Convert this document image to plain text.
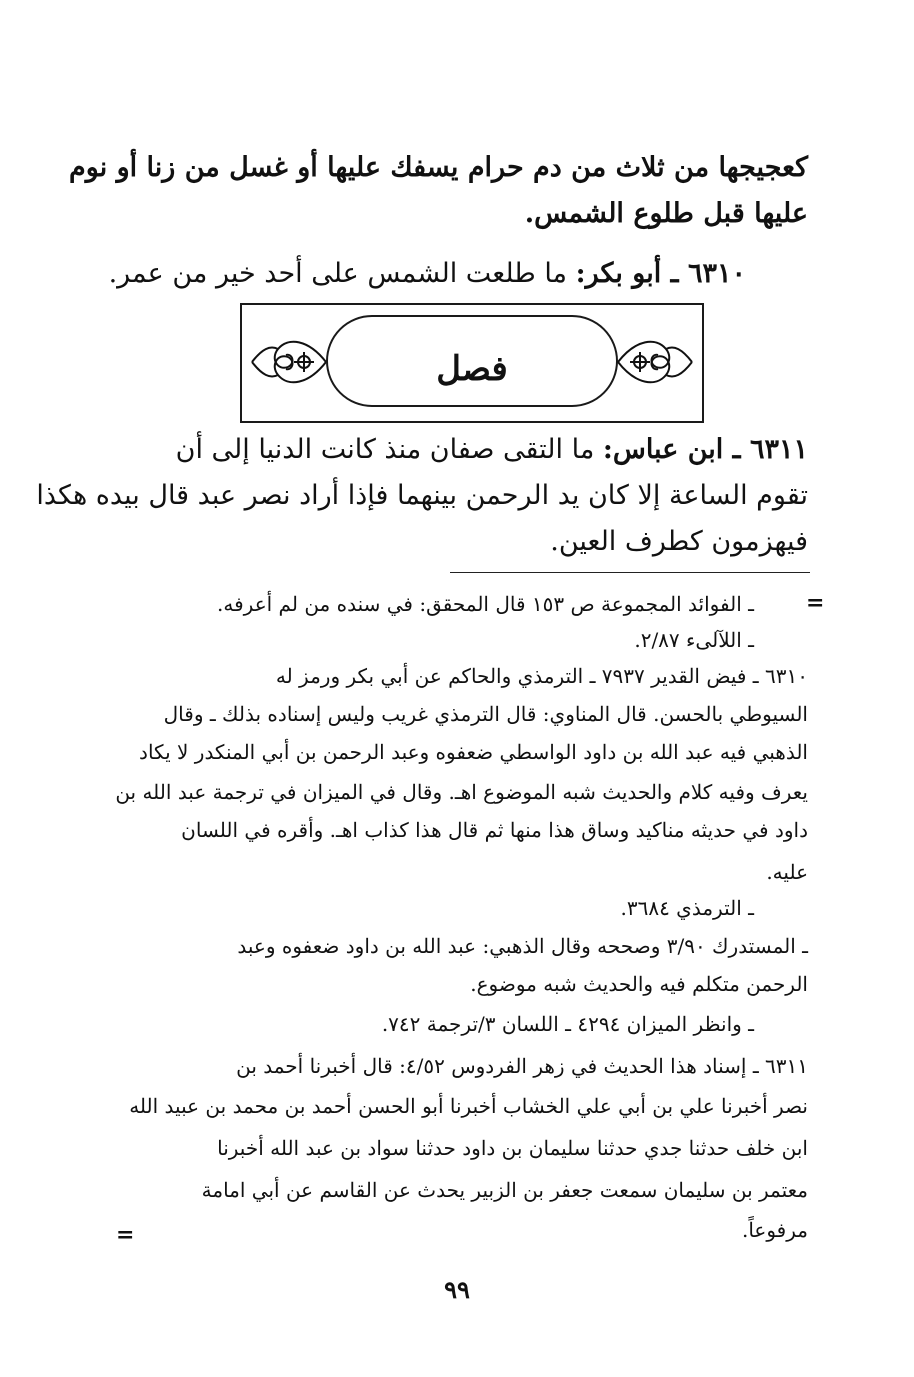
كعجيجها من ثلاث من دم حرام يسفك عليها أو غسل من زنا أو نوم
عليها قبل طلوع الشمس.
٦٣١٠ ـ أبو بكر: ما طلعت الشمس على أحد خير من عمر.
فصل
٦٣١١ ـ ابن عباس: ما التقى صفان منذ كانت الدنيا إلى أن
تقوم الساعة إلا كان يد الرحمن بينهما فإذا أراد نصر عبد قال بيده هكذا
فيهزمون كطرف العين.
=
ـ الفوائد المجموعة ص ١٥٣ قال المحقق: في سنده من لم أعرفه.
ـ اللآلىء ٢/٨٧.
٦٣١٠ ـ فيض القدير ٧٩٣٧ ـ الترمذي والحاكم عن أبي بكر ورمز له
السيوطي بالحسن. قال المناوي: قال الترمذي غريب وليس إسناده بذلك ـ وقال
الذهبي فيه عبد الله بن داود الواسطي ضعفوه وعبد الرحمن بن أبي المنكدر لا يكاد
يعرف وفيه كلام والحديث شبه الموضوع اهـ. وقال في الميزان في ترجمة عبد الله بن
داود في حديثه مناكيد وساق هذا منها ثم قال هذا كذاب اهـ. وأقره في اللسان
عليه.
ـ الترمذي ٣٦٨٤.
ـ المستدرك ٣/٩٠ وصححه وقال الذهبي: عبد الله بن داود ضعفوه وعبد
الرحمن متكلم فيه والحديث شبه موضوع.
ـ وانظر الميزان ٤٢٩٤ ـ اللسان ٣/ترجمة ٧٤٢.
٦٣١١ ـ إسناد هذا الحديث في زهر الفردوس ٤/٥٢: قال أخبرنا أحمد بن
نصر أخبرنا علي بن أبي علي الخشاب أخبرنا أبو الحسن أحمد بن محمد بن عبيد الله
ابن خلف حدثنا جدي حدثنا سليمان بن داود حدثنا سواد بن عبد الله أخبرنا
معتمر بن سليمان سمعت جعفر بن الزبير يحدث عن القاسم عن أبي امامة
مرفوعاً.
=
٩٩
